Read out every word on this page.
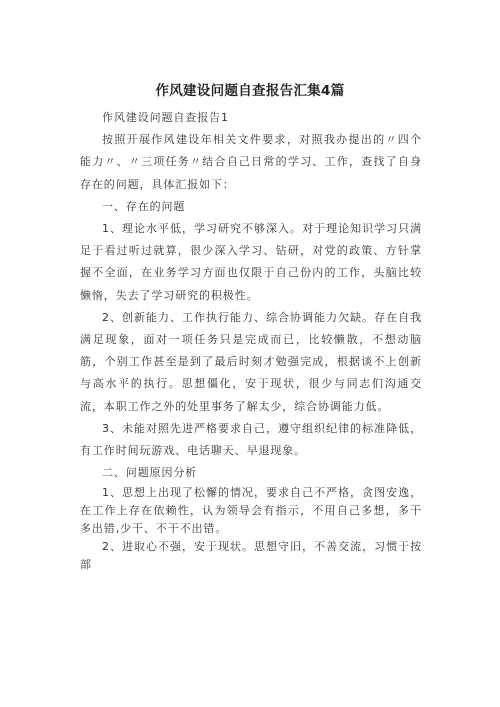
作风建设问题自查报告汇集4篇

作风建设问题自查报告1

按照开展作风建设年相关文件要求，对照我办提出的〃四个能力〃、〃三项任务〃结合自己日常的学习、工作，查找了自身存在的问题，具体汇报如下：

一、存在的问题

1、理论水平低，学习研究不够深入。对于理论知识学习只满足于看过听过就算，很少深入学习、钻研，对党的政策、方针掌握不全面，在业务学习方面也仅限于自己份内的工作，头脑比较懒惰，失去了学习研究的积极性。

2、创新能力、工作执行能力、综合协调能力欠缺。存在自我满足现象，面对一项任务只是完成而已，比较懒散，不想动脑筋，个别工作甚至是到了最后时刻才勉强完成，根据谈不上创新与高水平的执行。思想僵化，安于现状，很少与同志们沟通交流，本职工作之外的处里事务了解太少，综合协调能力低。

3、未能对照先进严格要求自己，遵守组织纪律的标准降低，有工作时间玩游戏、电话聊天、早退现象。

二、问题原因分析

1、思想上出现了松懈的情况，要求自己不严格，贪图安逸，在工作上存在依赖性，认为领导会有指示，不用自己多想，多干多出错,少干、不干不出错。

2、进取心不强，安于现状。思想守旧，不善交流，习惯于按部
